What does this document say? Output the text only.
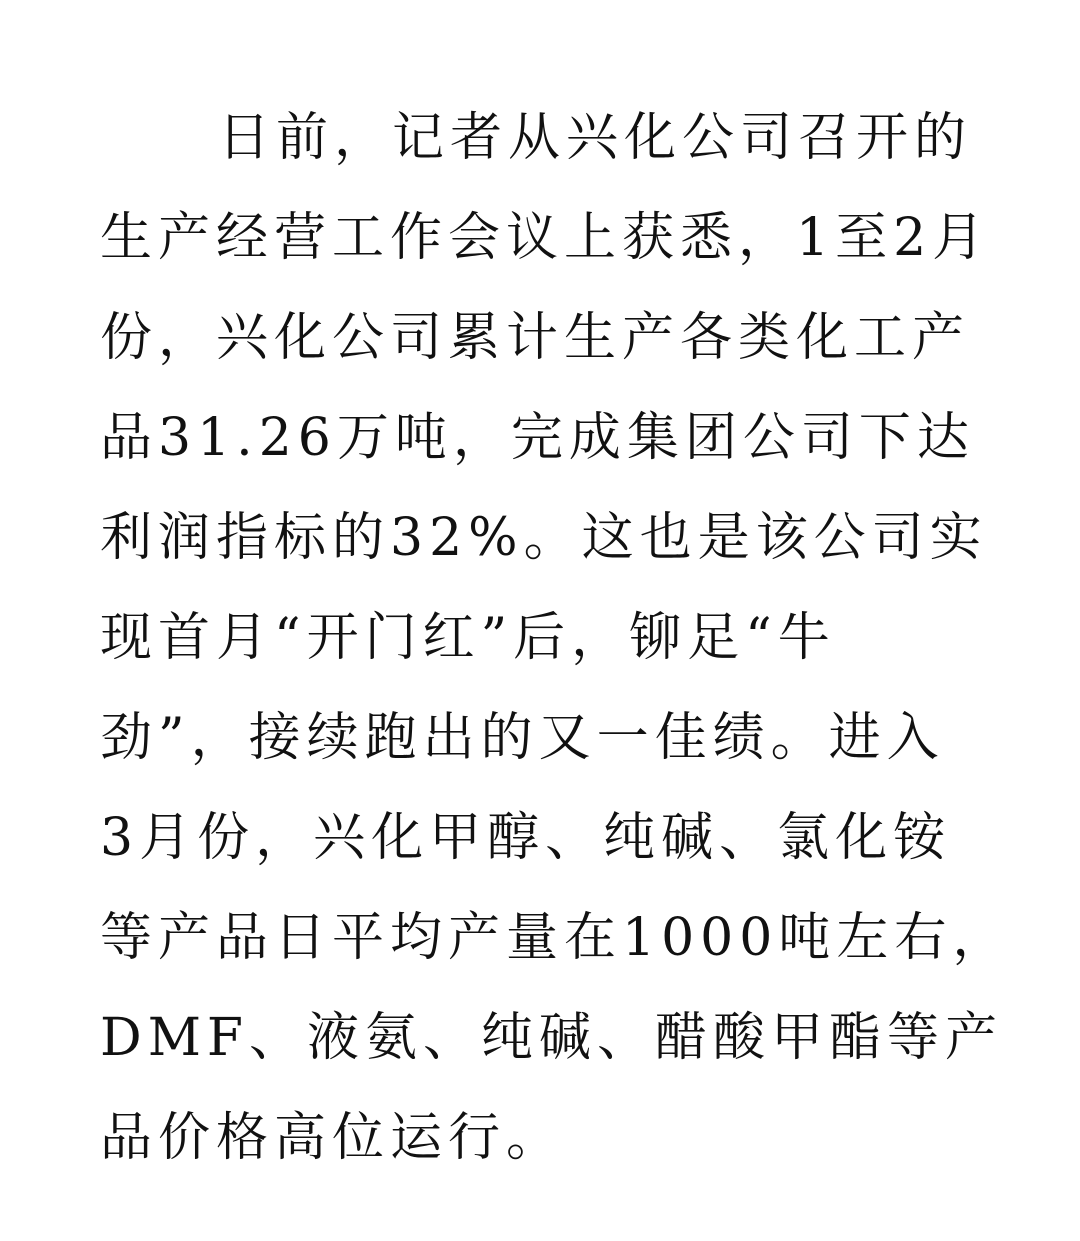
日前，记者从兴化公司召开的
生产经营工作会议上获悉，1至2月
份，兴化公司累计生产各类化工产
品31.26万吨，完成集团公司下达
利润指标的32%。这也是该公司实
现首月“开门红”后，铆足“牛
劲”，接续跑出的又一佳绩。进入
3月份，兴化甲醇、纯碱、氯化铵
等产品日平均产量在1000吨左右，
DMF、液氨、纯碱、醋酸甲酯等产
品价格高位运行。
